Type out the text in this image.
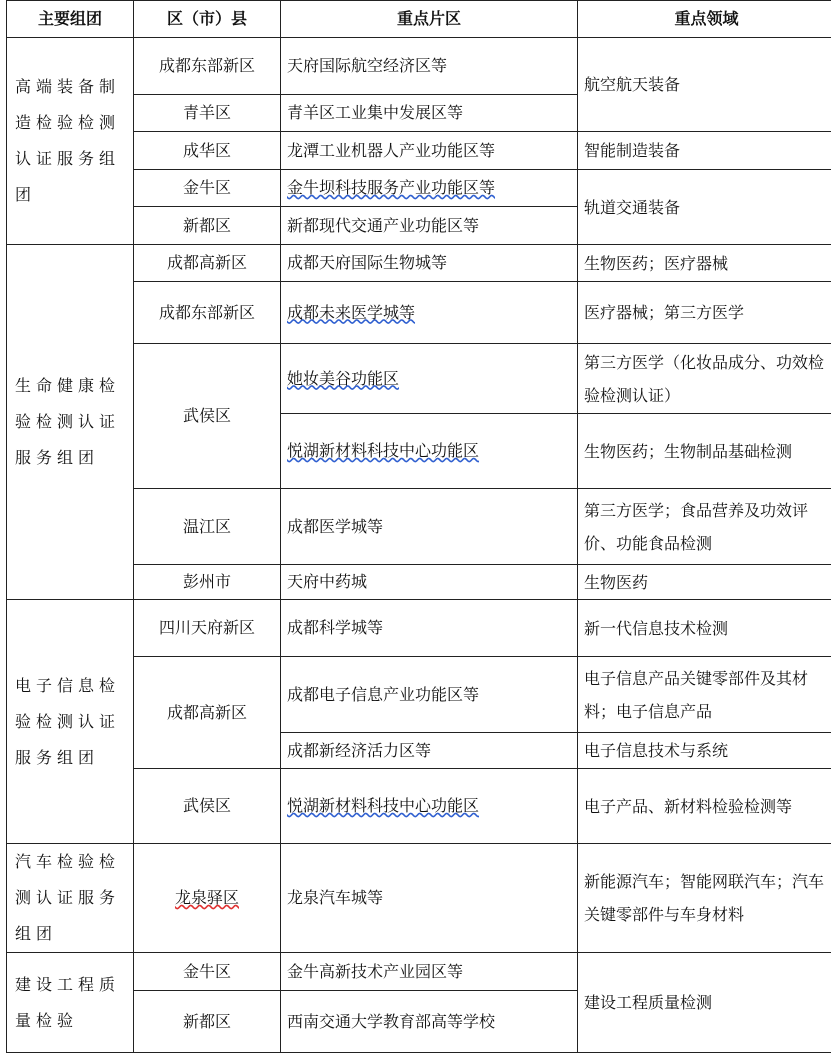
主要组团	区（市）县	重点片区	重点领域
高端装备制造检验检测认证服务组团	成都东部新区	天府国际航空经济区等	航空航天装备
	青羊区	青羊区工业集中发展区等	
	成华区	龙潭工业机器人产业功能区等	智能制造装备
	金牛区	金牛坝科技服务产业功能区等	轨道交通装备
	新都区	新都现代交通产业功能区等	
生命健康检验检测认证服务组团	成都高新区	成都天府国际生物城等	生物医药；医疗器械
	成都东部新区	成都未来医学城等	医疗器械；第三方医学
	武侯区	她妆美谷功能区	第三方医学（化妆品成分、功效检验检测认证）
		悦湖新材料科技中心功能区	生物医药；生物制品基础检测
	温江区	成都医学城等	第三方医学；食品营养及功效评价、功能食品检测
	彭州市	天府中药城	生物医药
电子信息检验检测认证服务组团	四川天府新区	成都科学城等	新一代信息技术检测
	成都高新区	成都电子信息产业功能区等	电子信息产品关键零部件及其材料；电子信息产品
		成都新经济活力区等	电子信息技术与系统
	武侯区	悦湖新材料科技中心功能区	电子产品、新材料检验检测等
汽车检验检测认证服务组团	龙泉驿区	龙泉汽车城等	新能源汽车；智能网联汽车；汽车关键零部件与车身材料
建设工程质量检验	金牛区	金牛高新技术产业园区等	建设工程质量检测
	新都区	西南交通大学教育部高等学校	
